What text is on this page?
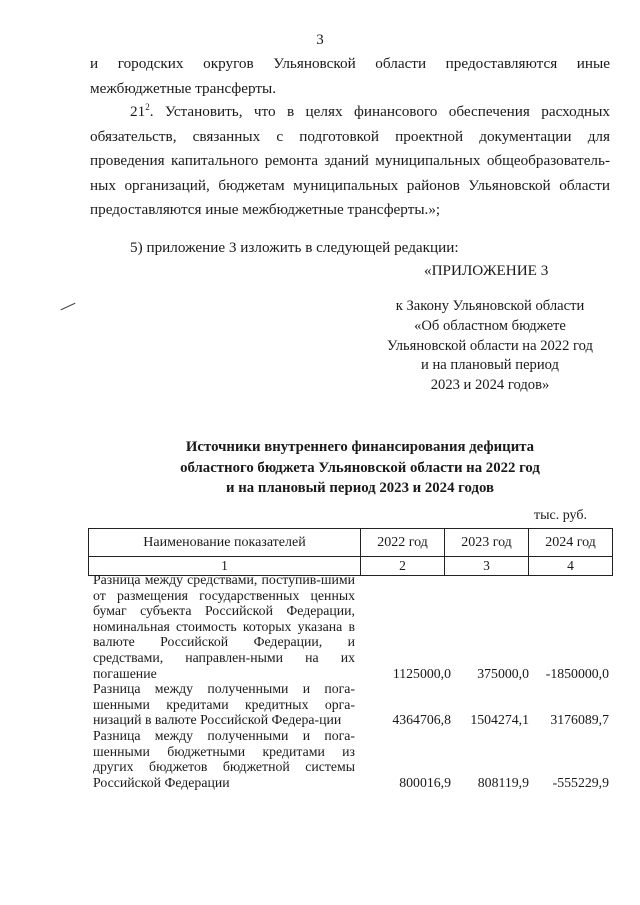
3
и городских округов Ульяновской области предоставляются иные
межбюджетные трансферты.
$21^2$. Установить, что в целях финансового обеспечения расходных обязательств, связанных с подготовкой проектной документации для проведения капитального ремонта зданий муниципальных общеобразователь-ных организаций, бюджетам муниципальных районов Ульяновской области предоставляются иные межбюджетные трансферты.»;
5) приложение 3 изложить в следующей редакции:
«ПРИЛОЖЕНИЕ 3
к Закону Ульяновской области
«Об областном бюджете
Ульяновской области на 2022 год
и на плановый период
2023 и 2024 годов»
Источники внутреннего финансирования дефицита
областного бюджета Ульяновской области на 2022 год
и на плановый период 2023 и 2024 годов
тыс. руб.
Наименование показателей	2022 год	2023 год	2024 год
1	2	3	4
Разница между средствами, поступив-шими от размещения государственных ценных бумаг субъекта Российской Федерации, номинальная стоимость которых указана в валюте Российской Федерации, и средствами, направлен-ными на их погашение	1125000,0 375000,0 -1850000,0
Разница между полученными и пога-шенными кредитами кредитных орга-низаций в валюте Российской Федера-ции	4364706,8 1504274,1 3176089,7
Разница между полученными и пога-шенными бюджетными кредитами из других бюджетов бюджетной системы Российской Федерации	800016,9 808119,9 -555229,9
